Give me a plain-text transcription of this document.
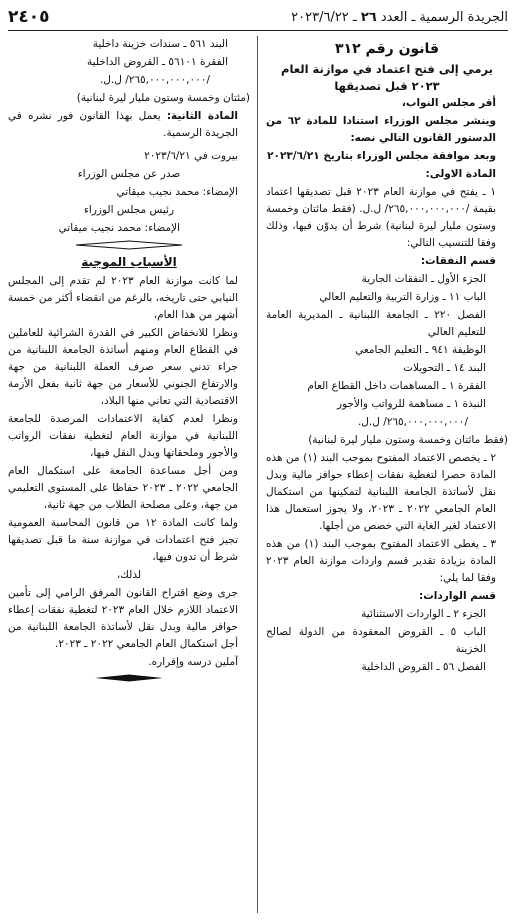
الجريدة الرسمية ـ العدد ٢٦ ـ ٢٠٢٣/٦/٢٢
٢٤٠٥
قانون رقم ٣١٢
يرمي إلى فتح اعتماد في موازنة العام ٢٠٢٣ قبل تصديقها

أقر مجلس النواب،

وينشر مجلس الوزراء استنادا للمادة ٦٢ من الدستور القانون التالي نصه:

وبعد موافقة مجلس الوزراء بتاريخ ٢٠٢٣/٦/٢١

المادة الاولى:

١ ـ يفتح في موازنة العام ٢٠٢٣ قبل تصديقها اعتماد بقيمة /٢٦٥,٠٠٠,٠٠٠,٠٠٠/ ل.ل. (فقط مائتان وخمسة وستون مليار ليرة لبنانية) شرط أن يدوّن فيها، وذلك وفقا للتنسيب التالي:

قسم النفقات:

الجزء الأول ـ النفقات الجارية

الباب ١١ ـ وزارة التربية والتعليم العالي

الفصل ٢٢٠ ـ الجامعة اللبنانية ـ المديرية العامة للتعليم العالي

الوظيفة ٩٤١ ـ التعليم الجامعي

البند ١٤ ـ التحويلات

الفقرة ١ ـ المساهمات داخل القطاع العام

النبذة ١ ـ مساهمة للرواتب والأجور

/٢٦٥,٠٠٠,٠٠٠,٠٠٠/ ل.ل.

(فقط مائتان وخمسة وستون مليار ليرة لبنانية)

٢ ـ يخصص الاعتماد المفتوح بموجب البند (١) من هذه المادة حصرا لتغطية نفقات إعطاء حوافز مالية وبدل نقل لأساتذة الجامعة اللبنانية لتمكينها من استكمال العام الجامعي ٢٠٢٢ ـ ٢٠٢٣، ولا يجوز استعمال هذا الاعتماد لغير الغاية التي خصص من أجلها.

٣ ـ يغطى الاعتماد المفتوح بموجب البند (١) من هذه المادة بزيادة تقدير قسم واردات موازنة العام ٢٠٢٣ وفقا لما يلي:

قسم الواردات:

الجزء ٢ ـ الواردات الاستثنائية

الباب ٥ ـ القروض المعقودة من الدولة لصالح الخزينة

الفصل ٥٦ ـ القروض الداخلية

البند ٥٦١ ـ سندات خزينة داخلية

الفقرة ٥٦١٠١ ـ القروض الداخلية

/٢٦٥,٠٠٠,٠٠٠,٠٠٠/ ل.ل.

(مئتان وخمسة وستون مليار ليرة لبنانية)

المادة الثانية: يعمل بهذا القانون فور نشره في الجريدة الرسمية.

بيروت في ٢٠٢٣/٦/٢١

صدر عن مجلس الوزراء

الإمضاء: محمد نجيب ميقاتي

رئيس مجلس الوزراء

الإمضاء: محمد نجيب ميقاتي

الأسباب الموجبة

لما كانت موازنة العام ٢٠٢٣ لم تقدم إلى المجلس النيابي حتى تاريخه، بالرغم من انقضاء أكثر من خمسة أشهر من هذا العام،

ونظرا للانخفاض الكبير في القدرة الشرائية للعاملين في القطاع العام ومنهم أساتذة الجامعة اللبنانية من جراء تدني سعر صرف العملة اللبنانية من جهة والارتفاع الجنوني للأسعار من جهة ثانية بفعل الأزمة الاقتصادية التي تعاني منها البلاد،

ونظرا لعدم كفاية الاعتمادات المرصدة للجامعة اللبنانية في موازنة العام لتغطية نفقات الرواتب والأجور وملحقاتها وبدل النقل فيها،

ومن أجل مساعدة الجامعة على استكمال العام الجامعي ٢٠٢٢ ـ ٢٠٢٣ حفاظا على المستوى التعليمي من جهة، وعلى مصلحة الطلاب من جهة ثانية،

ولما كانت المادة ١٢ من قانون المحاسبة العمومية تجيز فتح اعتمادات في موازنة سنة ما قبل تصديقها شرط أن تدون فيها،

لذلك،

جرى وضع اقتراح القانون المرفق الرامي إلى تأمين الاعتماد اللازم خلال العام ٢٠٢٣ لتغطية نفقات إعطاء حوافز مالية وبدل نقل لأساتذة الجامعة اللبنانية من أجل استكمال العام الجامعي ٢٠٢٢ ـ ٢٠٢٣.

آملين درسه وإقراره.
